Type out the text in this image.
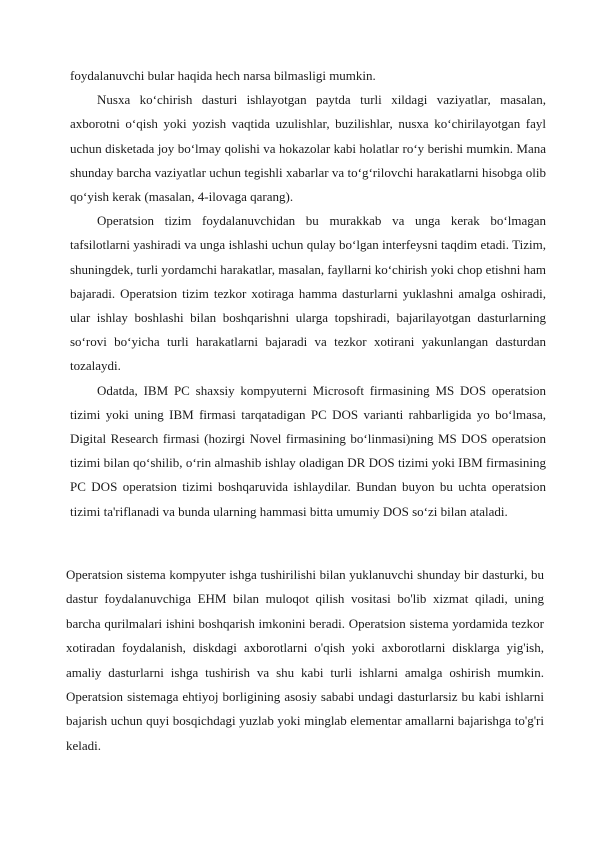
foydalanuvchi bular haqida hech narsa bilmasligi mumkin.

Nusxa ko‘chirish dasturi ishlayotgan paytda turli xildagi vaziyatlar, masalan, axborotni o‘qish yoki yozish vaqtida uzulishlar, buzilishlar, nusxa ko‘chirilayotgan fayl uchun disketada joy bo‘lmay qolishi va hokazolar kabi holatlar ro‘y berishi mumkin. Mana shunday barcha vaziyatlar uchun tegishli xabarlar va to‘g‘rilovchi harakatlarni hisobga olib qo‘yish kerak (masalan, 4-ilovaga qarang).

Operatsion tizim foydalanuvchidan bu murakkab va unga kerak bo‘lmagan tafsilotlarni yashiradi va unga ishlashi uchun qulay bo‘lgan interfeysni taqdim etadi. Tizim, shuningdek, turli yordamchi harakatlar, masalan, fayllarni ko‘chirish yoki chop etishni ham bajaradi. Operatsion tizim tezkor xotiraga hamma dasturlarni yuklashni amalga oshiradi, ular ishlay boshlashi bilan boshqarishni ularga topshiradi, bajarilayotgan dasturlarning so‘rovi bo‘yicha turli harakatlarni bajaradi va tezkor xotirani yakunlangan dasturdan tozalaydi.

Odatda, IBM PC shaxsiy kompyuterni Microsoft firmasining MS DOS operatsion tizimi yoki uning IBM firmasi tarqatadigan PC DOS varianti rahbarligida yo bo‘lmasa, Digital Research firmasi (hozirgi Novel firmasining bo‘linmasi)ning MS DOS operatsion tizimi bilan qo‘shilib, o‘rin almashib ishlay oladigan DR DOS tizimi yoki IBM firmasining PC DOS operatsion tizimi boshqaruvida ishlaydilar. Bundan buyon bu uchta operatsion tizimi ta'riflanadi va bunda ularning hammasi bitta umumiy DOS so‘zi bilan ataladi.

Operatsion sistema kompyuter ishga tushirilishi bilan yuklanuvchi shunday bir dasturki, bu dastur foydalanuvchiga EHM bilan muloqot qilish vositasi bo'lib xizmat qiladi, uning barcha qurilmalari ishini boshqarish imkonini beradi. Operatsion sistema yordamida tezkor xotiradan foydalanish, diskdagi axborotlarni o'qish yoki axborotlarni disklarga yig'ish, amaliy dasturlarni ishga tushirish va shu kabi turli ishlarni amalga oshirish mumkin. Operatsion sistemaga ehtiyoj borligining asosiy sababi undagi dasturlarsiz bu kabi ishlarni bajarish uchun quyi bosqichdagi yuzlab yoki minglab elementar amallarni bajarishga to'g'ri keladi.
